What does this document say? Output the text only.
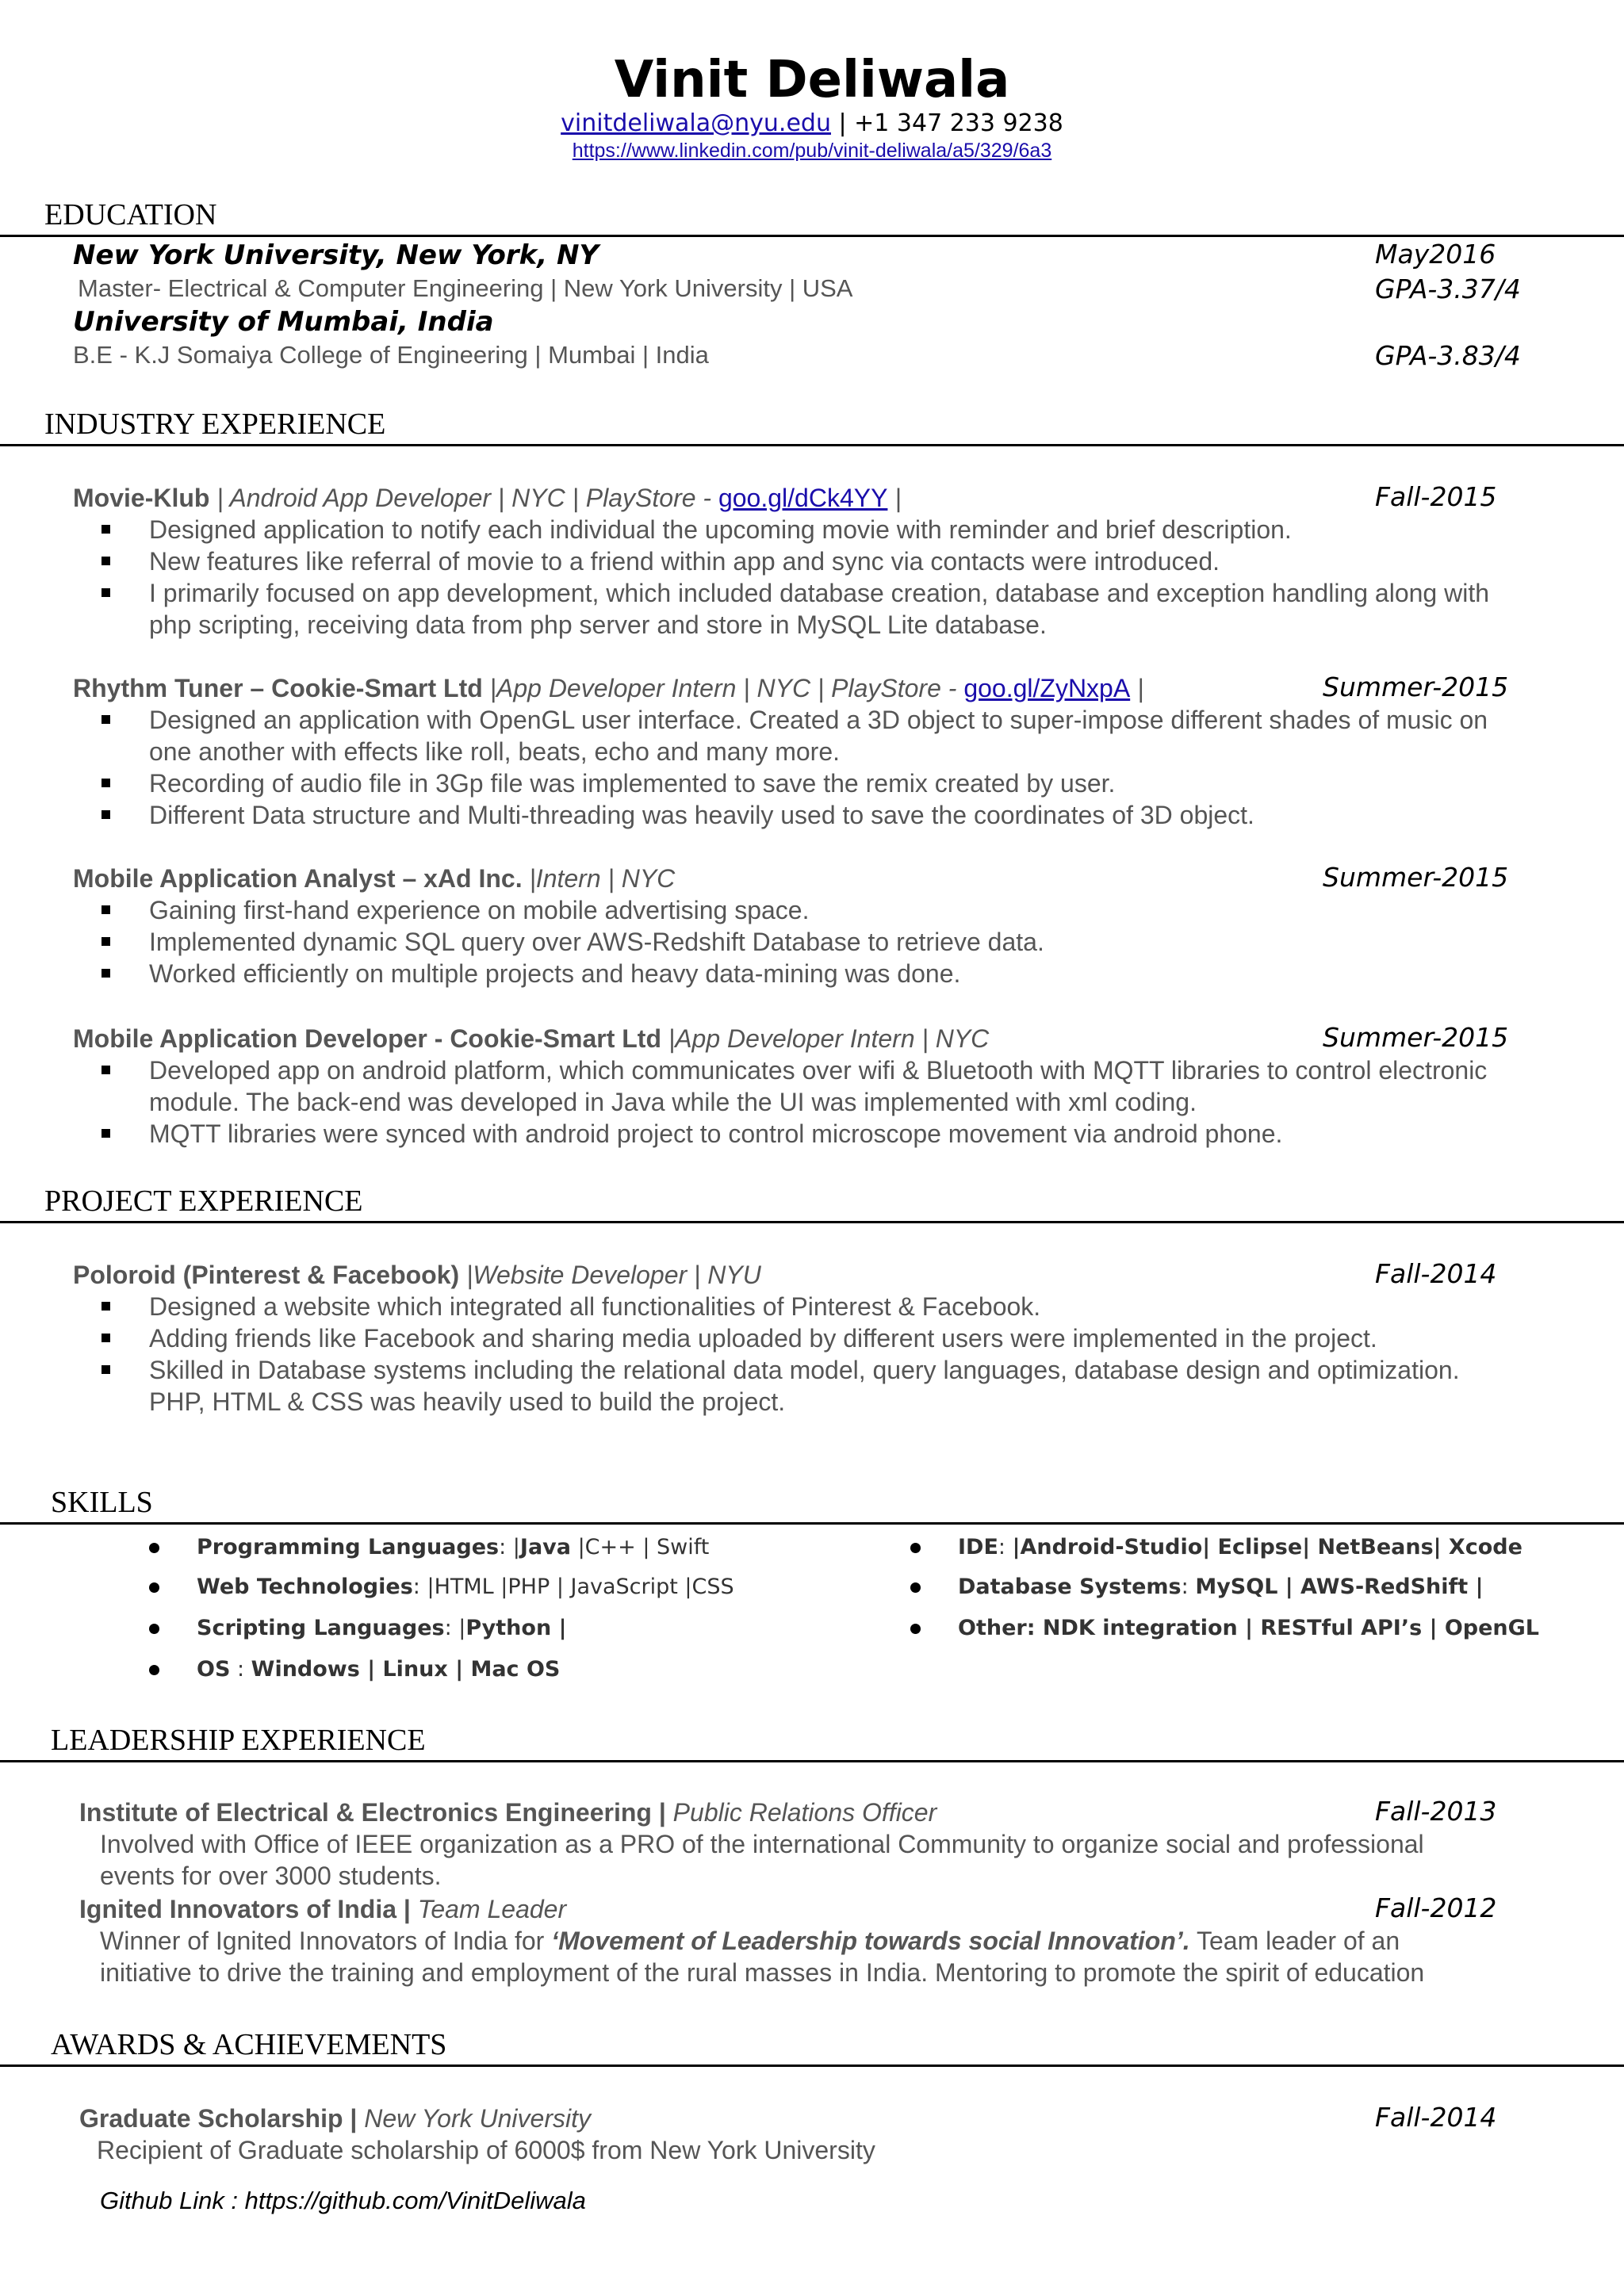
Vinit Deliwala
vinitdeliwala@nyu.edu | +1 347 233 9238
https://www.linkedin.com/pub/vinit-deliwala/a5/329/6a3
EDUCATION
New York University, New York, NY	May2016
Master- Electrical & Computer Engineering | New York University | USA	GPA-3.37/4
University of Mumbai, India
B.E - K.J Somaiya College of Engineering | Mumbai | India	GPA-3.83/4
INDUSTRY EXPERIENCE
Movie-Klub | Android App Developer | NYC | PlayStore - goo.gl/dCk4YY |	Fall-2015
Designed application to notify each individual the upcoming movie with reminder and brief description.
New features like referral of movie to a friend within app and sync via contacts were introduced.
I primarily focused on app development, which included database creation, database and exception handling along with
php scripting, receiving data from php server and store in MySQL Lite database.
Rhythm Tuner – Cookie-Smart Ltd |App Developer Intern | NYC | PlayStore - goo.gl/ZyNxpA |	Summer-2015
Designed an application with OpenGL user interface. Created a 3D object to super-impose different shades of music on
one another with effects like roll, beats, echo and many more.
Recording of audio file in 3Gp file was implemented to save the remix created by user.
Different Data structure and Multi-threading was heavily used to save the coordinates of 3D object.
Mobile Application Analyst – xAd Inc. |Intern | NYC	Summer-2015
Gaining first-hand experience on mobile advertising space.
Implemented dynamic SQL query over AWS-Redshift Database to retrieve data.
Worked efficiently on multiple projects and heavy data-mining was done.
Mobile Application Developer - Cookie-Smart Ltd |App Developer Intern | NYC	Summer-2015
Developed app on android platform, which communicates over wifi & Bluetooth with MQTT libraries to control electronic
module. The back-end was developed in Java while the UI was implemented with xml coding.
MQTT libraries were synced with android project to control microscope movement via android phone.
PROJECT EXPERIENCE
Poloroid (Pinterest & Facebook) |Website Developer | NYU	Fall-2014
Designed a website which integrated all functionalities of Pinterest & Facebook.
Adding friends like Facebook and sharing media uploaded by different users were implemented in the project.
Skilled in Database systems including the relational data model, query languages, database design and optimization.
PHP, HTML & CSS was heavily used to build the project.
SKILLS
Programming Languages: |Java |C++ | Swift
Web Technologies: |HTML |PHP | JavaScript |CSS
Scripting Languages: |Python |
OS : Windows | Linux | Mac OS
IDE: |Android-Studio| Eclipse| NetBeans| Xcode
Database Systems: MySQL | AWS-RedShift |
Other: NDK integration | RESTful API’s | OpenGL
LEADERSHIP EXPERIENCE
Institute of Electrical & Electronics Engineering | Public Relations Officer	Fall-2013
Involved with Office of IEEE organization as a PRO of the international Community to organize social and professional
events for over 3000 students.
Ignited Innovators of India | Team Leader	Fall-2012
Winner of Ignited Innovators of India for ‘Movement of Leadership towards social Innovation’. Team leader of an
initiative to drive the training and employment of the rural masses in India. Mentoring to promote the spirit of education
AWARDS & ACHIEVEMENTS
Graduate Scholarship | New York University	Fall-2014
Recipient of Graduate scholarship of 6000$ from New York University
Github Link : https://github.com/VinitDeliwala
